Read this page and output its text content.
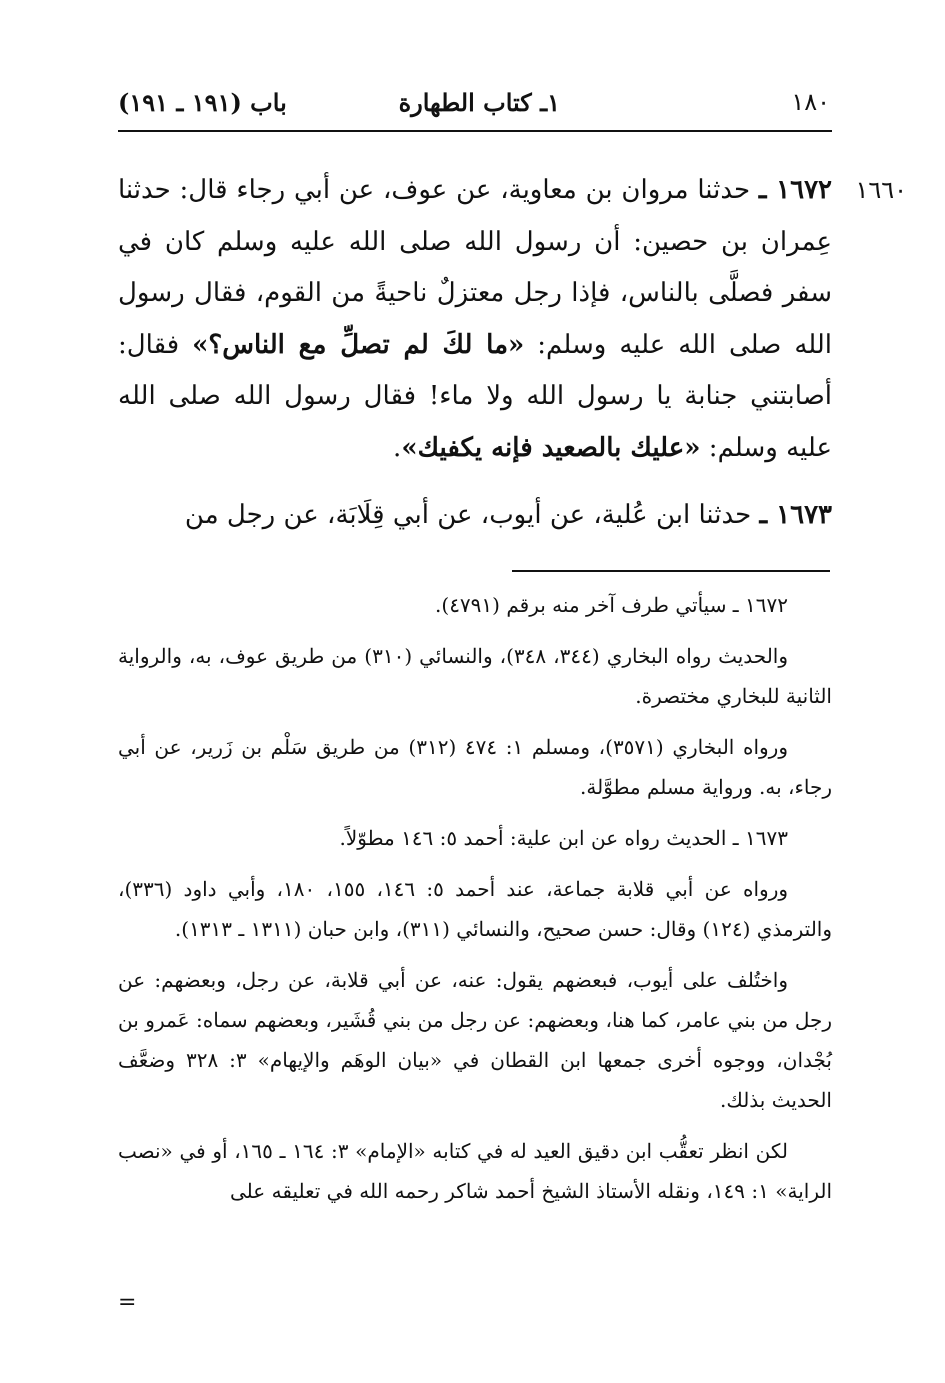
١٨٠
١ـ كتاب الطهارة
باب (١٩١ ـ ١٩١)
١٦٦٠

١٦٧٢ ـ حدثنا مروان بن معاوية، عن عوف، عن أبي رجاء قال: حدثنا عِمران بن حصين: أن رسول الله صلى الله عليه وسلم كان في سفر فصلَّى بالناس، فإذا رجل معتزلٌ ناحيةً من القوم، فقال رسول الله صلى الله عليه وسلم: «ما لكَ لم تصلِّ مع الناس؟» فقال: أصابتني جنابة يا رسول الله ولا ماء! فقال رسول الله صلى الله عليه وسلم: «عليك بالصعيد فإنه يكفيك».

١٦٧٣ ـ حدثنا ابن عُلية، عن أيوب، عن أبي قِلَابَة، عن رجل من

١٦٧٢ ـ سيأتي طرف آخر منه برقم (٤٧٩١).

والحديث رواه البخاري (٣٤٤، ٣٤٨)، والنسائي (٣١٠) من طريق عوف، به، والرواية الثانية للبخاري مختصرة.

ورواه البخاري (٣٥٧١)، ومسلم ١: ٤٧٤ (٣١٢) من طريق سَلْم بن زَرير، عن أبي رجاء، به. ورواية مسلم مطوَّلة.

١٦٧٣ ـ الحديث رواه عن ابن علية: أحمد ٥: ١٤٦ مطوّلاً.

ورواه عن أبي قلابة جماعة، عند أحمد ٥: ١٤٦، ١٥٥، ١٨٠، وأبي داود (٣٣٦)، والترمذي (١٢٤) وقال: حسن صحيح، والنسائي (٣١١)، وابن حبان (١٣١١ ـ ١٣١٣).

واختُلف على أيوب، فبعضهم يقول: عنه، عن أبي قلابة، عن رجل، وبعضهم: عن رجل من بني عامر، كما هنا، وبعضهم: عن رجل من بني قُشَير، وبعضهم سماه: عَمرو بن بُجْدان، ووجوه أخرى جمعها ابن القطان في «بيان الوهَم والإيهام» ٣: ٣٢٨ وضعَّف الحديث بذلك.

لكن انظر تعقُّب ابن دقيق العيد له في كتابه «الإمام» ٣: ١٦٤ ـ ١٦٥، أو في «نصب الراية» ١: ١٤٩، ونقله الأستاذ الشيخ أحمد شاكر رحمه الله في تعليقه على

=
